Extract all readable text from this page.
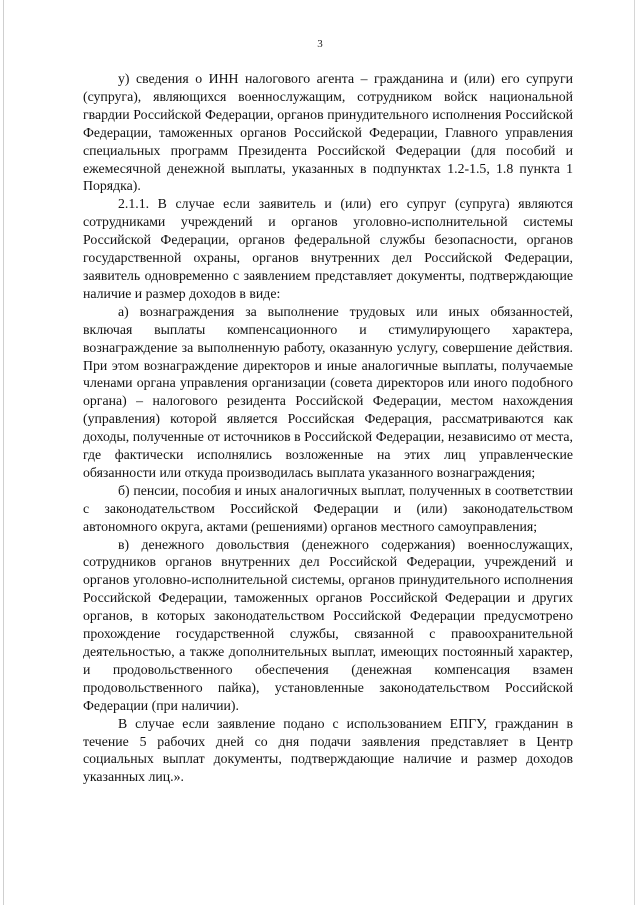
3

у) сведения о ИНН налогового агента – гражданина и (или) его супруги (супруга), являющихся военнослужащим, сотрудником войск национальной гвардии Российской Федерации, органов принудительного исполнения Российской Федерации, таможенных органов Российской Федерации, Главного управления специальных программ Президента Российской Федерации (для пособий и ежемесячной денежной выплаты, указанных в подпунктах 1.2-1.5, 1.8 пункта 1 Порядка).

2.1.1. В случае если заявитель и (или) его супруг (супруга) являются сотрудниками учреждений и органов уголовно-исполнительной системы Российской Федерации, органов федеральной службы безопасности, органов государственной охраны, органов внутренних дел Российской Федерации, заявитель одновременно с заявлением представляет документы, подтверждающие наличие и размер доходов в виде:

а) вознаграждения за выполнение трудовых или иных обязанностей, включая выплаты компенсационного и стимулирующего характера, вознаграждение за выполненную работу, оказанную услугу, совершение действия. При этом вознаграждение директоров и иные аналогичные выплаты, получаемые членами органа управления организации (совета директоров или иного подобного органа) – налогового резидента Российской Федерации, местом нахождения (управления) которой является Российская Федерация, рассматриваются как доходы, полученные от источников в Российской Федерации, независимо от места, где фактически исполнялись возложенные на этих лиц управленческие обязанности или откуда производилась выплата указанного вознаграждения;

б) пенсии, пособия и иных аналогичных выплат, полученных в соответствии с законодательством Российской Федерации и (или) законодательством автономного округа, актами (решениями) органов местного самоуправления;

в) денежного довольствия (денежного содержания) военнослужащих, сотрудников органов внутренних дел Российской Федерации, учреждений и органов уголовно-исполнительной системы, органов принудительного исполнения Российской Федерации, таможенных органов Российской Федерации и других органов, в которых законодательством Российской Федерации предусмотрено прохождение государственной службы, связанной с правоохранительной деятельностью, а также дополнительных выплат, имеющих постоянный характер, и продовольственного обеспечения (денежная компенсация взамен продовольственного пайка), установленные законодательством Российской Федерации (при наличии).

В случае если заявление подано с использованием ЕПГУ, гражданин в течение 5 рабочих дней со дня подачи заявления представляет в Центр социальных выплат документы, подтверждающие наличие и размер доходов указанных лиц.».
